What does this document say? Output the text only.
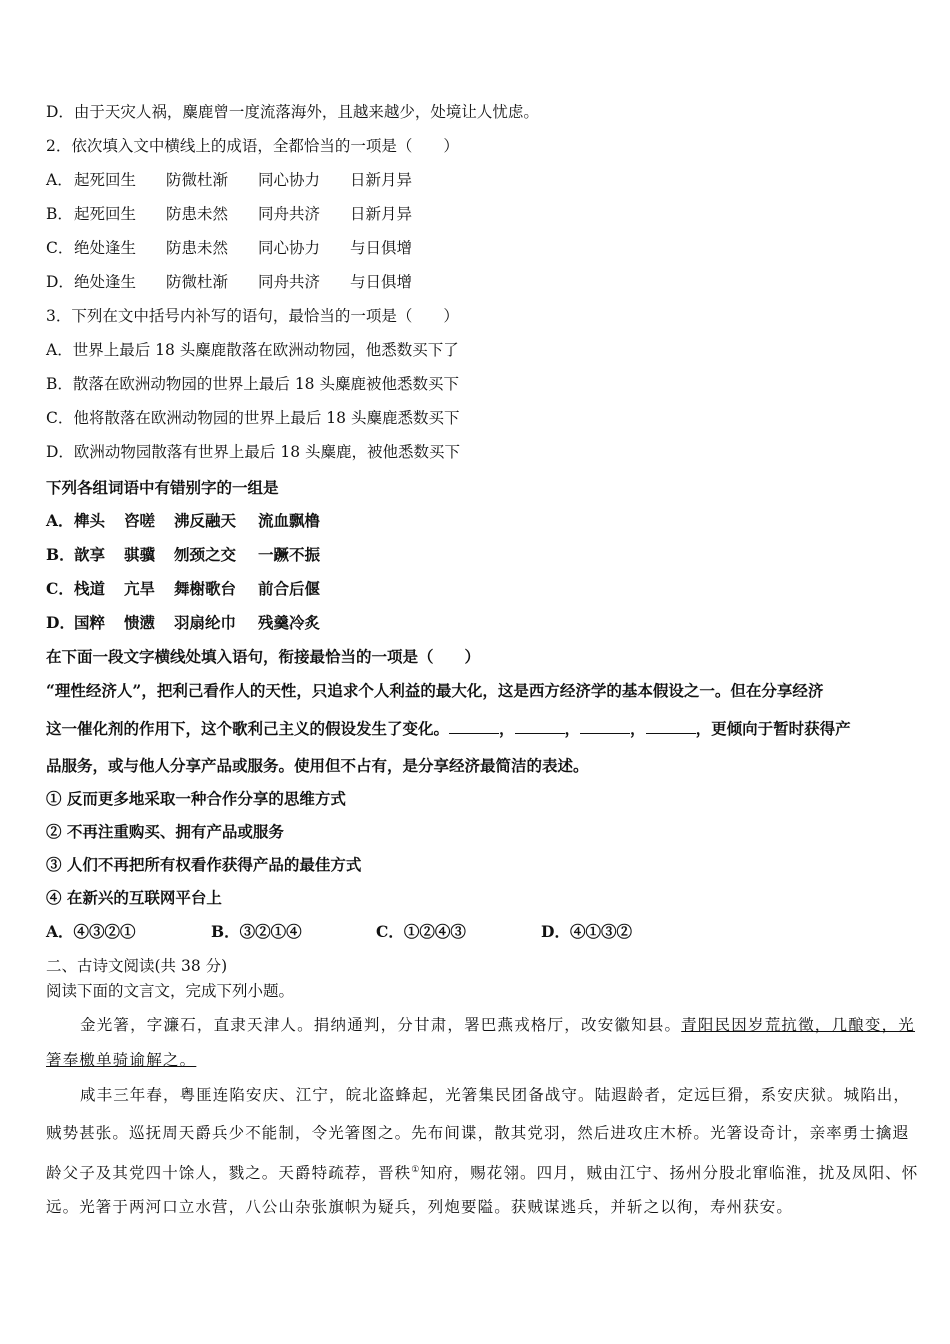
D．由于天灾人祸，麋鹿曾一度流落海外，且越来越少，处境让人忧虑。
2．依次填入文中横线上的成语，全都恰当的一项是（　　）
A．起死回生 防微杜渐 同心协力 日新月异
B．起死回生 防患未然 同舟共济 日新月异
C．绝处逢生 防患未然 同心协力 与日俱增
D．绝处逢生 防微杜渐 同舟共济 与日俱增
3．下列在文中括号内补写的语句，最恰当的一项是（　　）
A．世界上最后 18 头麋鹿散落在欧洲动物园，他悉数买下了
B．散落在欧洲动物园的世界上最后 18 头麋鹿被他悉数买下
C．他将散落在欧洲动物园的世界上最后 18 头麋鹿悉数买下
D．欧洲动物园散落有世界上最后 18 头麋鹿，被他悉数买下
下列各组词语中有错别字的一组是
A．榫头 咨嗟 沸反融天 流血飘橹
B．歆享 骐骥 刎颈之交 一蹶不振
C．栈道 亢旱 舞榭歌台 前合后偃
D．国粹 愦懑 羽扇纶巾 残羹冷炙
在下面一段文字横线处填入语句，衔接最恰当的一项是（　　）
“理性经济人”，把利己看作人的天性，只追求个人利益的最大化，这是西方经济学的基本假设之一。但在分享经济
这一催化剂的作用下，这个歌利己主义的假设发生了变化。	，	，	，	，更倾向于暂时获得产
品服务，或与他人分享产品或服务。使用但不占有，是分享经济最简洁的表述。
① 反而更多地采取一种合作分享的思维方式
② 不再注重购买、拥有产品或服务
③ 人们不再把所有权看作获得产品的最佳方式
④ 在新兴的互联网平台上
A．④③②①	B．③②①④	C．①②④③	D．④①③②
二、古诗文阅读(共 38 分)
阅读下面的文言文，完成下列小题。
金光箸，字濂石，直隶天津人。捐纳通判，分甘肃，署巴燕戎格厅，改安徽知县。青阳民因岁荒抗徵，几酿变，光
箸奉檄单骑谕解之。
咸丰三年春，粤匪连陷安庆、江宁，皖北盗蜂起，光箸集民团备战守。陆遐龄者，定远巨猾，系安庆狱。城陷出，
贼势甚张。巡抚周天爵兵少不能制，令光箸图之。先布间谍，散其党羽，然后进攻庄木桥。光箸设奇计，亲率勇士擒遐
龄父子及其党四十馀人，戮之。天爵特疏荐，晋秩①知府，赐花翎。四月，贼由江宁、扬州分股北窜临淮，扰及凤阳、怀
远。光箸于两河口立水营，八公山杂张旗帜为疑兵，列炮要隘。获贼谋逃兵，并斩之以徇，寿州获安。
